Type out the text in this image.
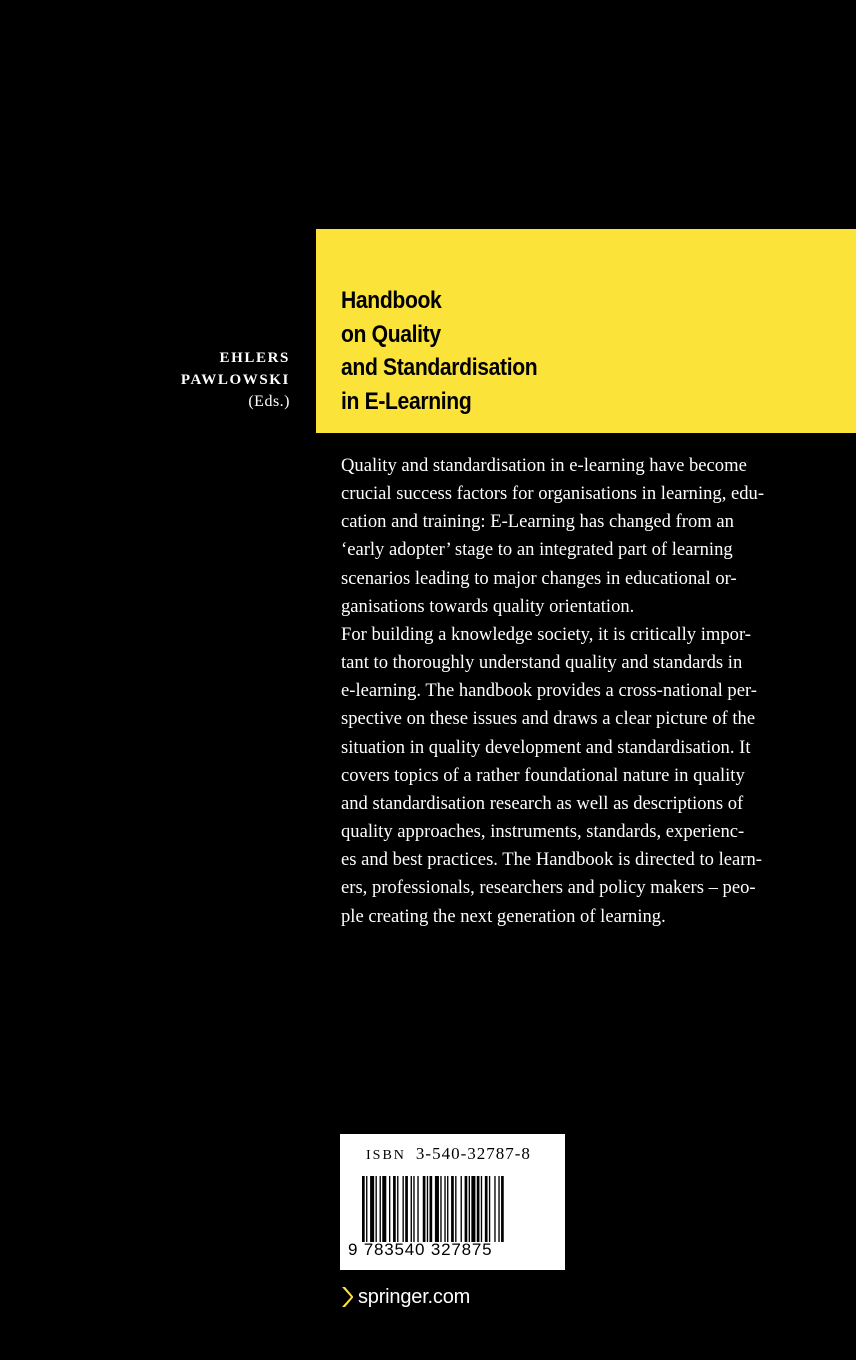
EHLERS
PAWLOWSKI
(Eds.)
Handbook
on Quality
and Standardisation
in E-Learning
Quality and standardisation in e-learning have become
crucial success factors for organisations in learning, edu-
cation and training: E-Learning has changed from an
‘early adopter’ stage to an integrated part of learning
scenarios leading to major changes in educational or-
ganisations towards quality orientation.
For building a knowledge society, it is critically impor-
tant to thoroughly understand quality and standards in
e-learning. The handbook provides a cross-national per-
spective on these issues and draws a clear picture of the
situation in quality development and standardisation. It
covers topics of a rather foundational nature in quality
and standardisation research as well as descriptions of
quality approaches, instruments, standards, experienc-
es and best practices. The Handbook is directed to learn-
ers, professionals, researchers and policy makers – peo-
ple creating the next generation of learning.
ISBN 3-540-32787-8
9 783540 327875
springer.com
